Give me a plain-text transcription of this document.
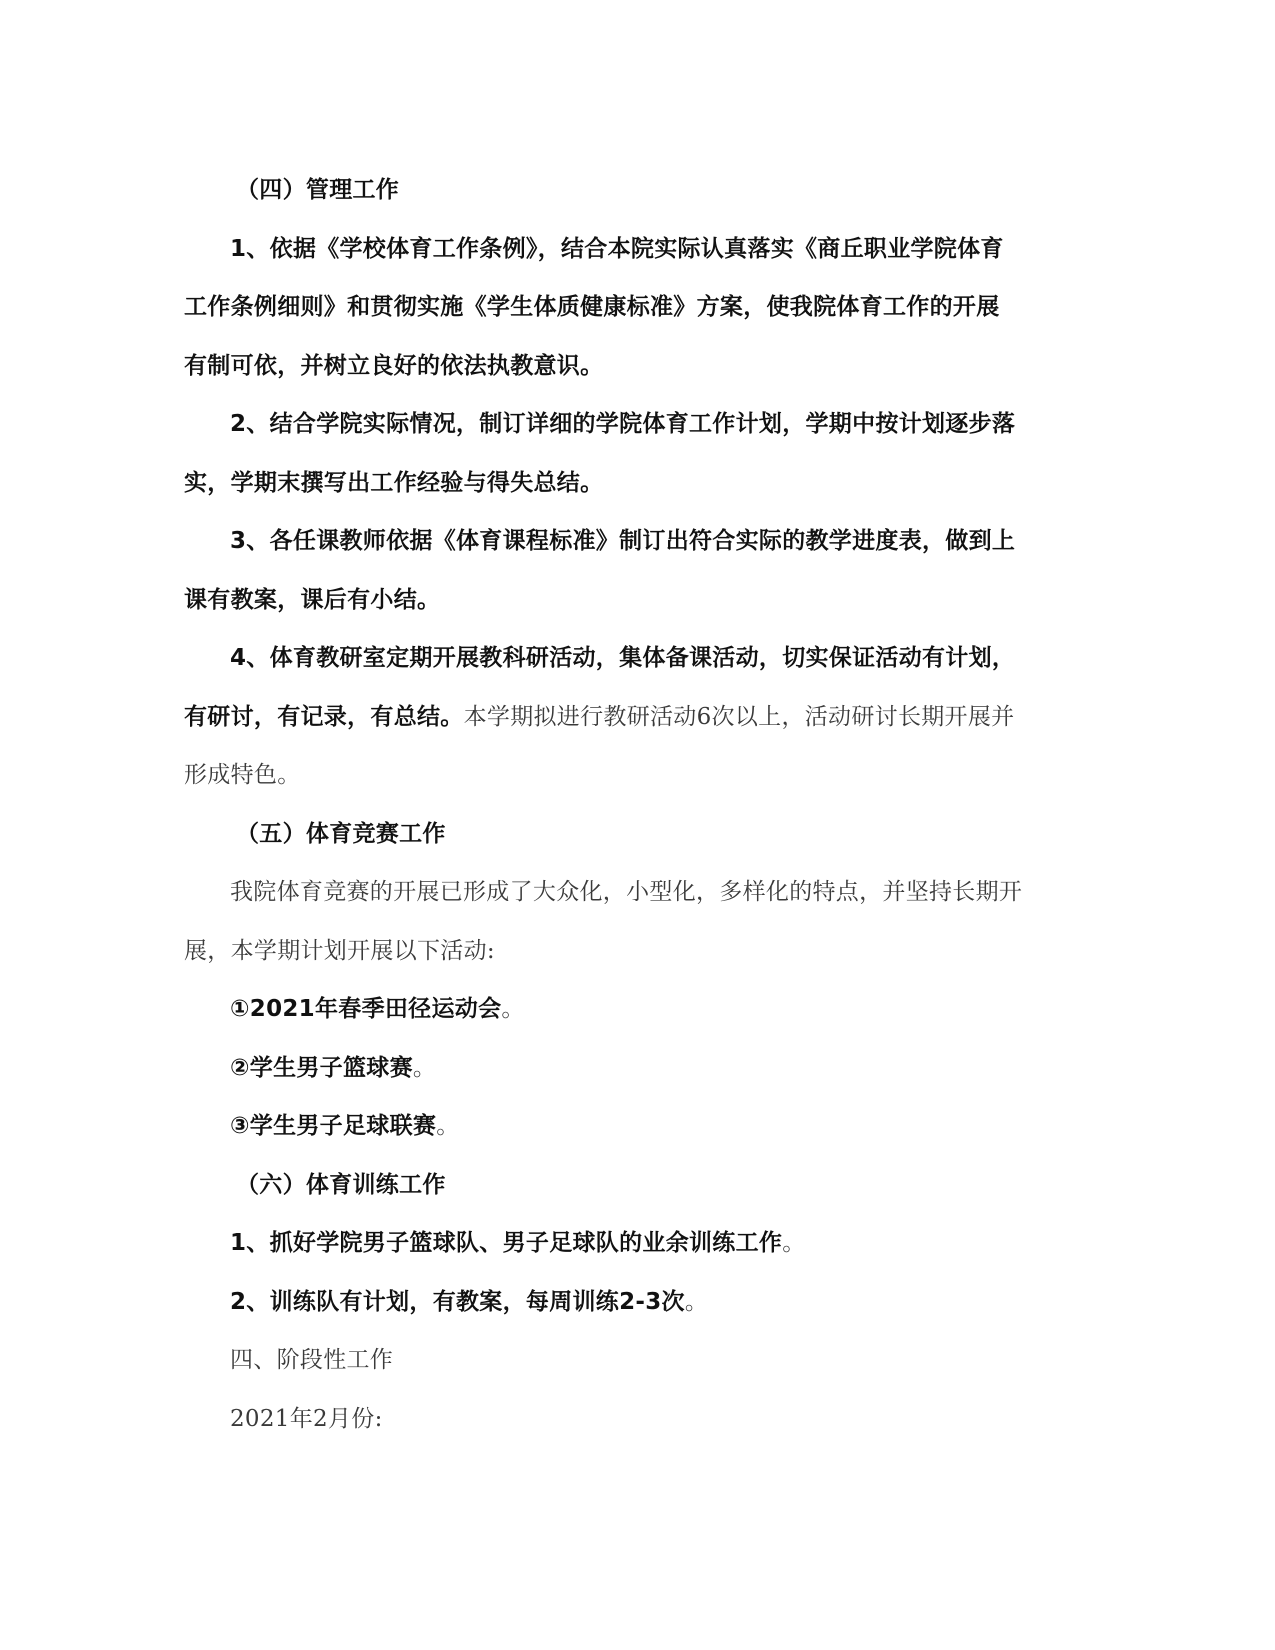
（四）管理工作
1、依据《学校体育工作条例》，结合本院实际认真落实《商丘职业学院体育
工作条例细则》和贯彻实施《学生体质健康标准》方案，使我院体育工作的开展
有制可依，并树立良好的依法执教意识。
2、结合学院实际情况，制订详细的学院体育工作计划，学期中按计划逐步落
实，学期末撰写出工作经验与得失总结。
3、各任课教师依据《体育课程标准》制订出符合实际的教学进度表，做到上
课有教案，课后有小结。
4、体育教研室定期开展教科研活动，集体备课活动，切实保证活动有计划，
有研讨，有记录，有总结。本学期拟进行教研活动6次以上，活动研讨长期开展并
形成特色。
（五）体育竞赛工作
我院体育竞赛的开展已形成了大众化，小型化，多样化的特点，并坚持长期开
展，本学期计划开展以下活动:
①2021年春季田径运动会。
②学生男子篮球赛。
③学生男子足球联赛。
（六）体育训练工作
1、抓好学院男子篮球队、男子足球队的业余训练工作。
2、训练队有计划，有教案，每周训练2-3次。
四、阶段性工作
2021年2月份:
